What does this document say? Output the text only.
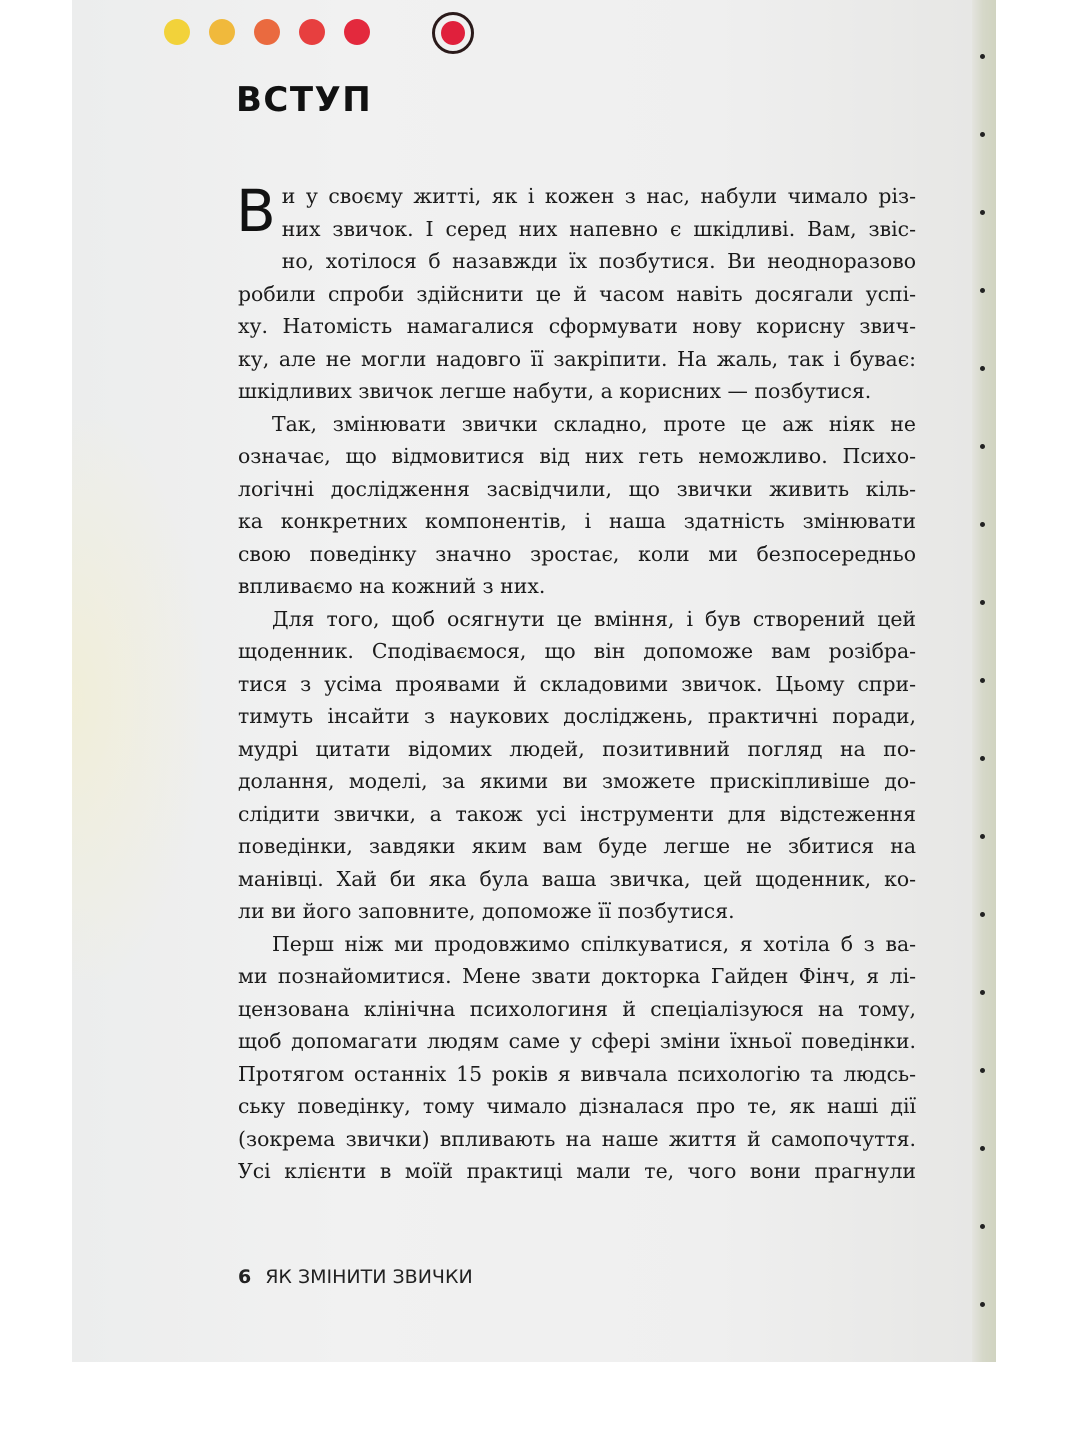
ВСТУП
В и у своєму житті, як і кожен з нас, набули чимало різ-
них звичок. І серед них напевно є шкідливі. Вам, звіс-
но, хотілося б назавжди їх позбутися. Ви неодноразово
робили спроби здійснити це й часом навіть досягали успі-
ху. Натомість намагалися сформувати нову корисну звич-
ку, але не могли надовго її закріпити. На жаль, так і буває:
шкідливих звичок легше набути, а корисних — позбутися.
Так, змінювати звички складно, проте це аж ніяк не
означає, що відмовитися від них геть неможливо. Психо-
логічні дослідження засвідчили, що звички живить кіль-
ка конкретних компонентів, і наша здатність змінювати
свою поведінку значно зростає, коли ми безпосередньо
впливаємо на кожний з них.
Для того, щоб осягнути це вміння, і був створений цей
щоденник. Сподіваємося, що він допоможе вам розібра-
тися з усіма проявами й складовими звичок. Цьому спри-
тимуть інсайти з наукових досліджень, практичні поради,
мудрі цитати відомих людей, позитивний погляд на по-
долання, моделі, за якими ви зможете прискіпливіше до-
слідити звички, а також усі інструменти для відстеження
поведінки, завдяки яким вам буде легше не збитися на
манівці. Хай би яка була ваша звичка, цей щоденник, ко-
ли ви його заповните, допоможе її позбутися.
Перш ніж ми продовжимо спілкуватися, я хотіла б з ва-
ми познайомитися. Мене звати докторка Гайден Фінч, я лі-
цензована клінічна психологиня й спеціалізуюся на тому,
щоб допомагати людям саме у сфері зміни їхньої поведінки.
Протягом останніх 15 років я вивчала психологію та людсь-
ську поведінку, тому чимало дізналася про те, як наші дії
(зокрема звички) впливають на наше життя й самопочуття.
Усі клієнти в моїй практиці мали те, чого вони прагнули
6 ЯК ЗМІНИТИ ЗВИЧКИ
